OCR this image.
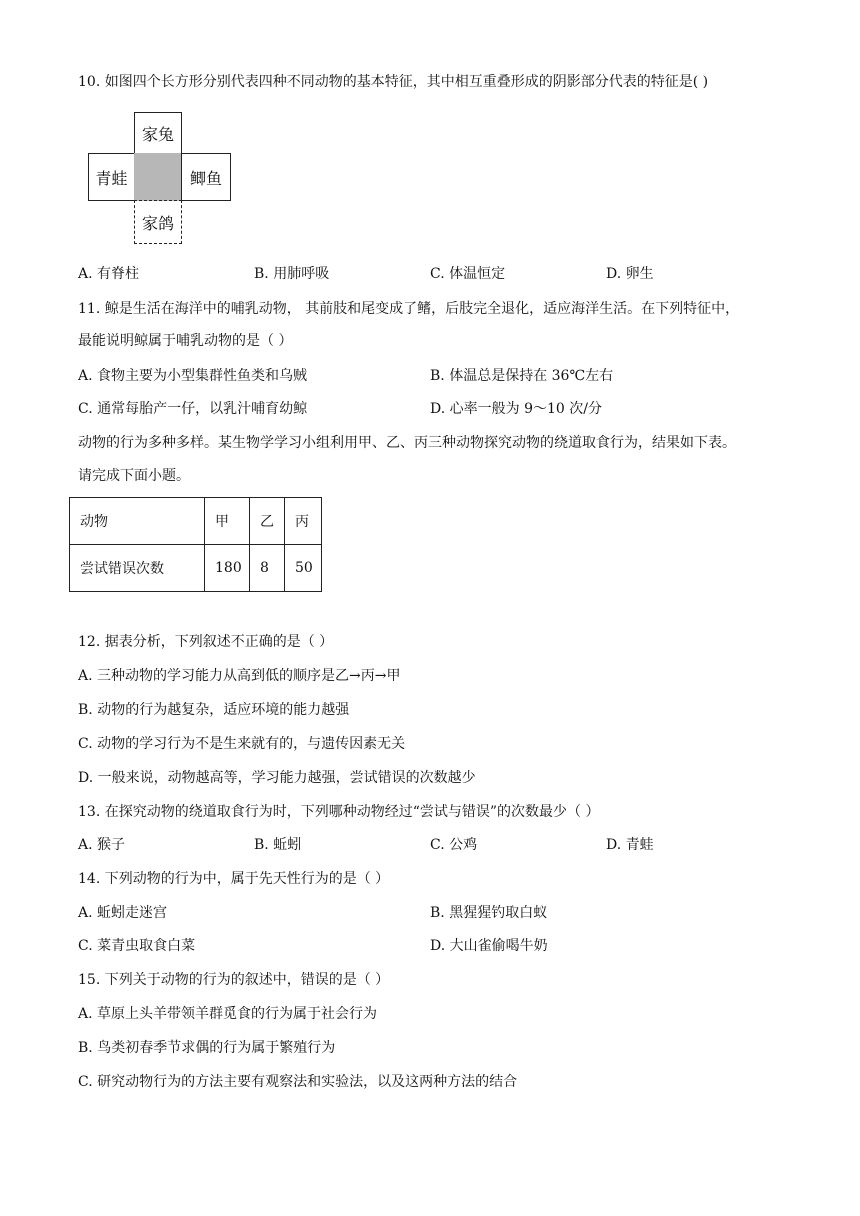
10. 如图四个长方形分别代表四种不同动物的基本特征，其中相互重叠形成的阴影部分代表的特征是( )
家兔
青蛙	鲫鱼
家鸽
A. 有脊柱	B. 用肺呼吸	C. 体温恒定	D. 卵生
11. 鲸是生活在海洋中的哺乳动物， 其前肢和尾变成了鳍，后肢完全退化，适应海洋生活。在下列特征中，
最能说明鲸属于哺乳动物的是（ ）
A. 食物主要为小型集群性鱼类和乌贼	B. 体温总是保持在 36℃左右
C. 通常每胎产一仔，以乳汁哺育幼鲸	D. 心率一般为 9～10 次/分
动物的行为多种多样。某生物学学习小组利用甲、乙、丙三种动物探究动物的绕道取食行为，结果如下表。
请完成下面小题。
动物	甲	乙	丙
尝试错误次数	180	8	50
12. 据表分析，下列叙述不正确的是（ ）
A. 三种动物的学习能力从高到低的顺序是乙→丙→甲
B. 动物的行为越复杂，适应环境的能力越强
C. 动物的学习行为不是生来就有的，与遗传因素无关
D. 一般来说，动物越高等，学习能力越强，尝试错误的次数越少
13. 在探究动物的绕道取食行为时，下列哪种动物经过“尝试与错误”的次数最少（ ）
A. 猴子	B. 蚯蚓	C. 公鸡	D. 青蛙
14. 下列动物的行为中，属于先天性行为的是（ ）
A. 蚯蚓走迷宫	B. 黑猩猩钓取白蚁
C. 菜青虫取食白菜	D. 大山雀偷喝牛奶
15. 下列关于动物的行为的叙述中，错误的是（ ）
A. 草原上头羊带领羊群觅食的行为属于社会行为
B. 鸟类初春季节求偶的行为属于繁殖行为
C. 研究动物行为的方法主要有观察法和实验法，以及这两种方法的结合
